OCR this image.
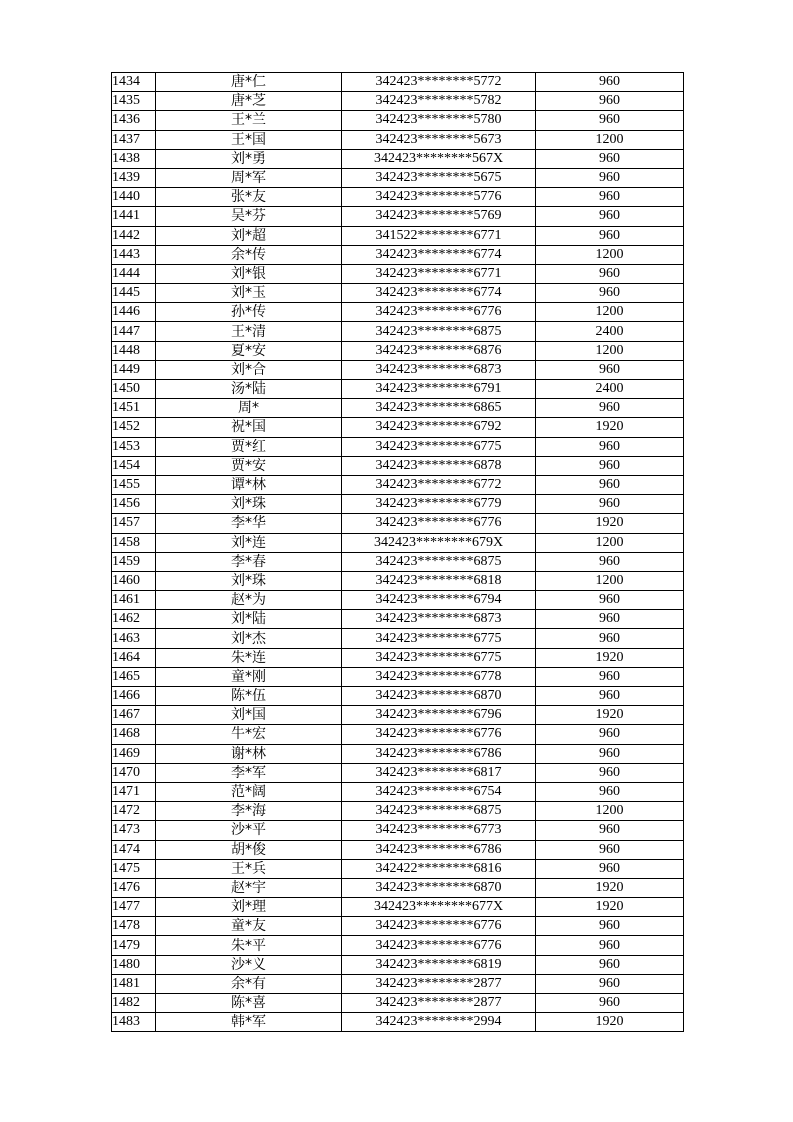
1434	唐*仁	342423********5772	960
1435	唐*芝	342423********5782	960
1436	王*兰	342423********5780	960
1437	王*国	342423********5673	1200
1438	刘*勇	342423********567X	960
1439	周*军	342423********5675	960
1440	张*友	342423********5776	960
1441	吴*芬	342423********5769	960
1442	刘*超	341522********6771	960
1443	余*传	342423********6774	1200
1444	刘*银	342423********6771	960
1445	刘*玉	342423********6774	960
1446	孙*传	342423********6776	1200
1447	王*清	342423********6875	2400
1448	夏*安	342423********6876	1200
1449	刘*合	342423********6873	960
1450	汤*陆	342423********6791	2400
1451	周*	342423********6865	960
1452	祝*国	342423********6792	1920
1453	贾*红	342423********6775	960
1454	贾*安	342423********6878	960
1455	谭*林	342423********6772	960
1456	刘*珠	342423********6779	960
1457	李*华	342423********6776	1920
1458	刘*连	342423********679X	1200
1459	李*春	342423********6875	960
1460	刘*珠	342423********6818	1200
1461	赵*为	342423********6794	960
1462	刘*陆	342423********6873	960
1463	刘*杰	342423********6775	960
1464	朱*连	342423********6775	1920
1465	童*刚	342423********6778	960
1466	陈*伍	342423********6870	960
1467	刘*国	342423********6796	1920
1468	牛*宏	342423********6776	960
1469	谢*林	342423********6786	960
1470	李*军	342423********6817	960
1471	范*阔	342423********6754	960
1472	李*海	342423********6875	1200
1473	沙*平	342423********6773	960
1474	胡*俊	342423********6786	960
1475	王*兵	342422********6816	960
1476	赵*宇	342423********6870	1920
1477	刘*理	342423********677X	1920
1478	童*友	342423********6776	960
1479	朱*平	342423********6776	960
1480	沙*义	342423********6819	960
1481	余*有	342423********2877	960
1482	陈*喜	342423********2877	960
1483	韩*军	342423********2994	1920
